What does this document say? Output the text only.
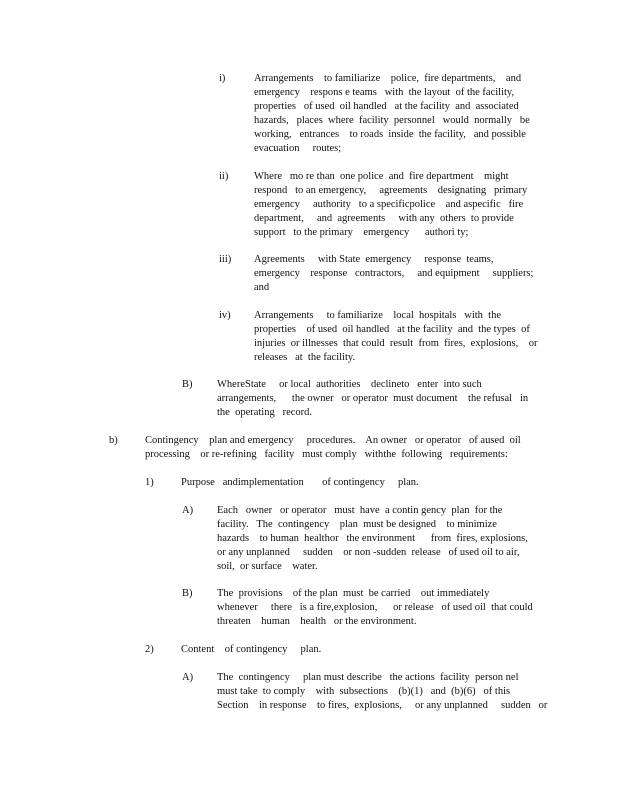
i)	Arrangements    to familiarize    police,  fire departments,    and
emergency    respons e teams   with  the layout  of the facility,
properties   of used  oil handled   at the facility  and  associated
hazards,   places  where  facility  personnel   would  normally   be
working,   entrances    to roads  inside  the facility,   and possible
evacuation     routes;
ii) Where   mo re than  one police  and  fire department    might
respond   to an emergency,     agreements    designating   primary
emergency     authority   to a specificpolice    and aspecific   fire
department,     and  agreements     with any  others  to provide
support   to the primary    emergency      authori ty;
iii) Agreements     with State  emergency     response  teams,
emergency    response   contractors,     and equipment     suppliers;
and
iv) Arrangements     to familiarize    local  hospitals   with  the
properties    of used  oil handled   at the facility  and  the types  of
injuries  or illnesses  that could  result  from  fires,  explosions,    or
releases   at  the facility.
B) WhereState     or local  authorities    declineto   enter  into such
arrangements,      the owner   or operator  must document    the refusal   in
the  operating   record.
b)	Contingency    plan and emergency     procedures.    An owner   or operator   of aused  oil
processing    or re-refining   facility   must comply   withthe  following   requirements:
1)	Purpose   andimplementation       of contingency     plan.
A) Each   owner   or operator   must  have  a contin gency  plan  for the
facility.   The  contingency    plan  must be designed    to minimize
hazards    to human  healthor   the environment      from  fires, explosions,
or any unplanned     sudden    or non -sudden  release   of used oil to air,
soil,  or surface    water.
B) The  provisions    of the plan  must  be carried    out immediately
whenever     there   is a fire,explosion,      or release   of used oil  that could
threaten    human    health   or the environment.
2)	Content    of contingency     plan.
A) The  contingency     plan must describe   the actions  facility  person nel
must take  to comply    with  subsections    (b)(1)   and  (b)(6)   of this
Section    in response    to fires,  explosions,     or any unplanned     sudden   or
